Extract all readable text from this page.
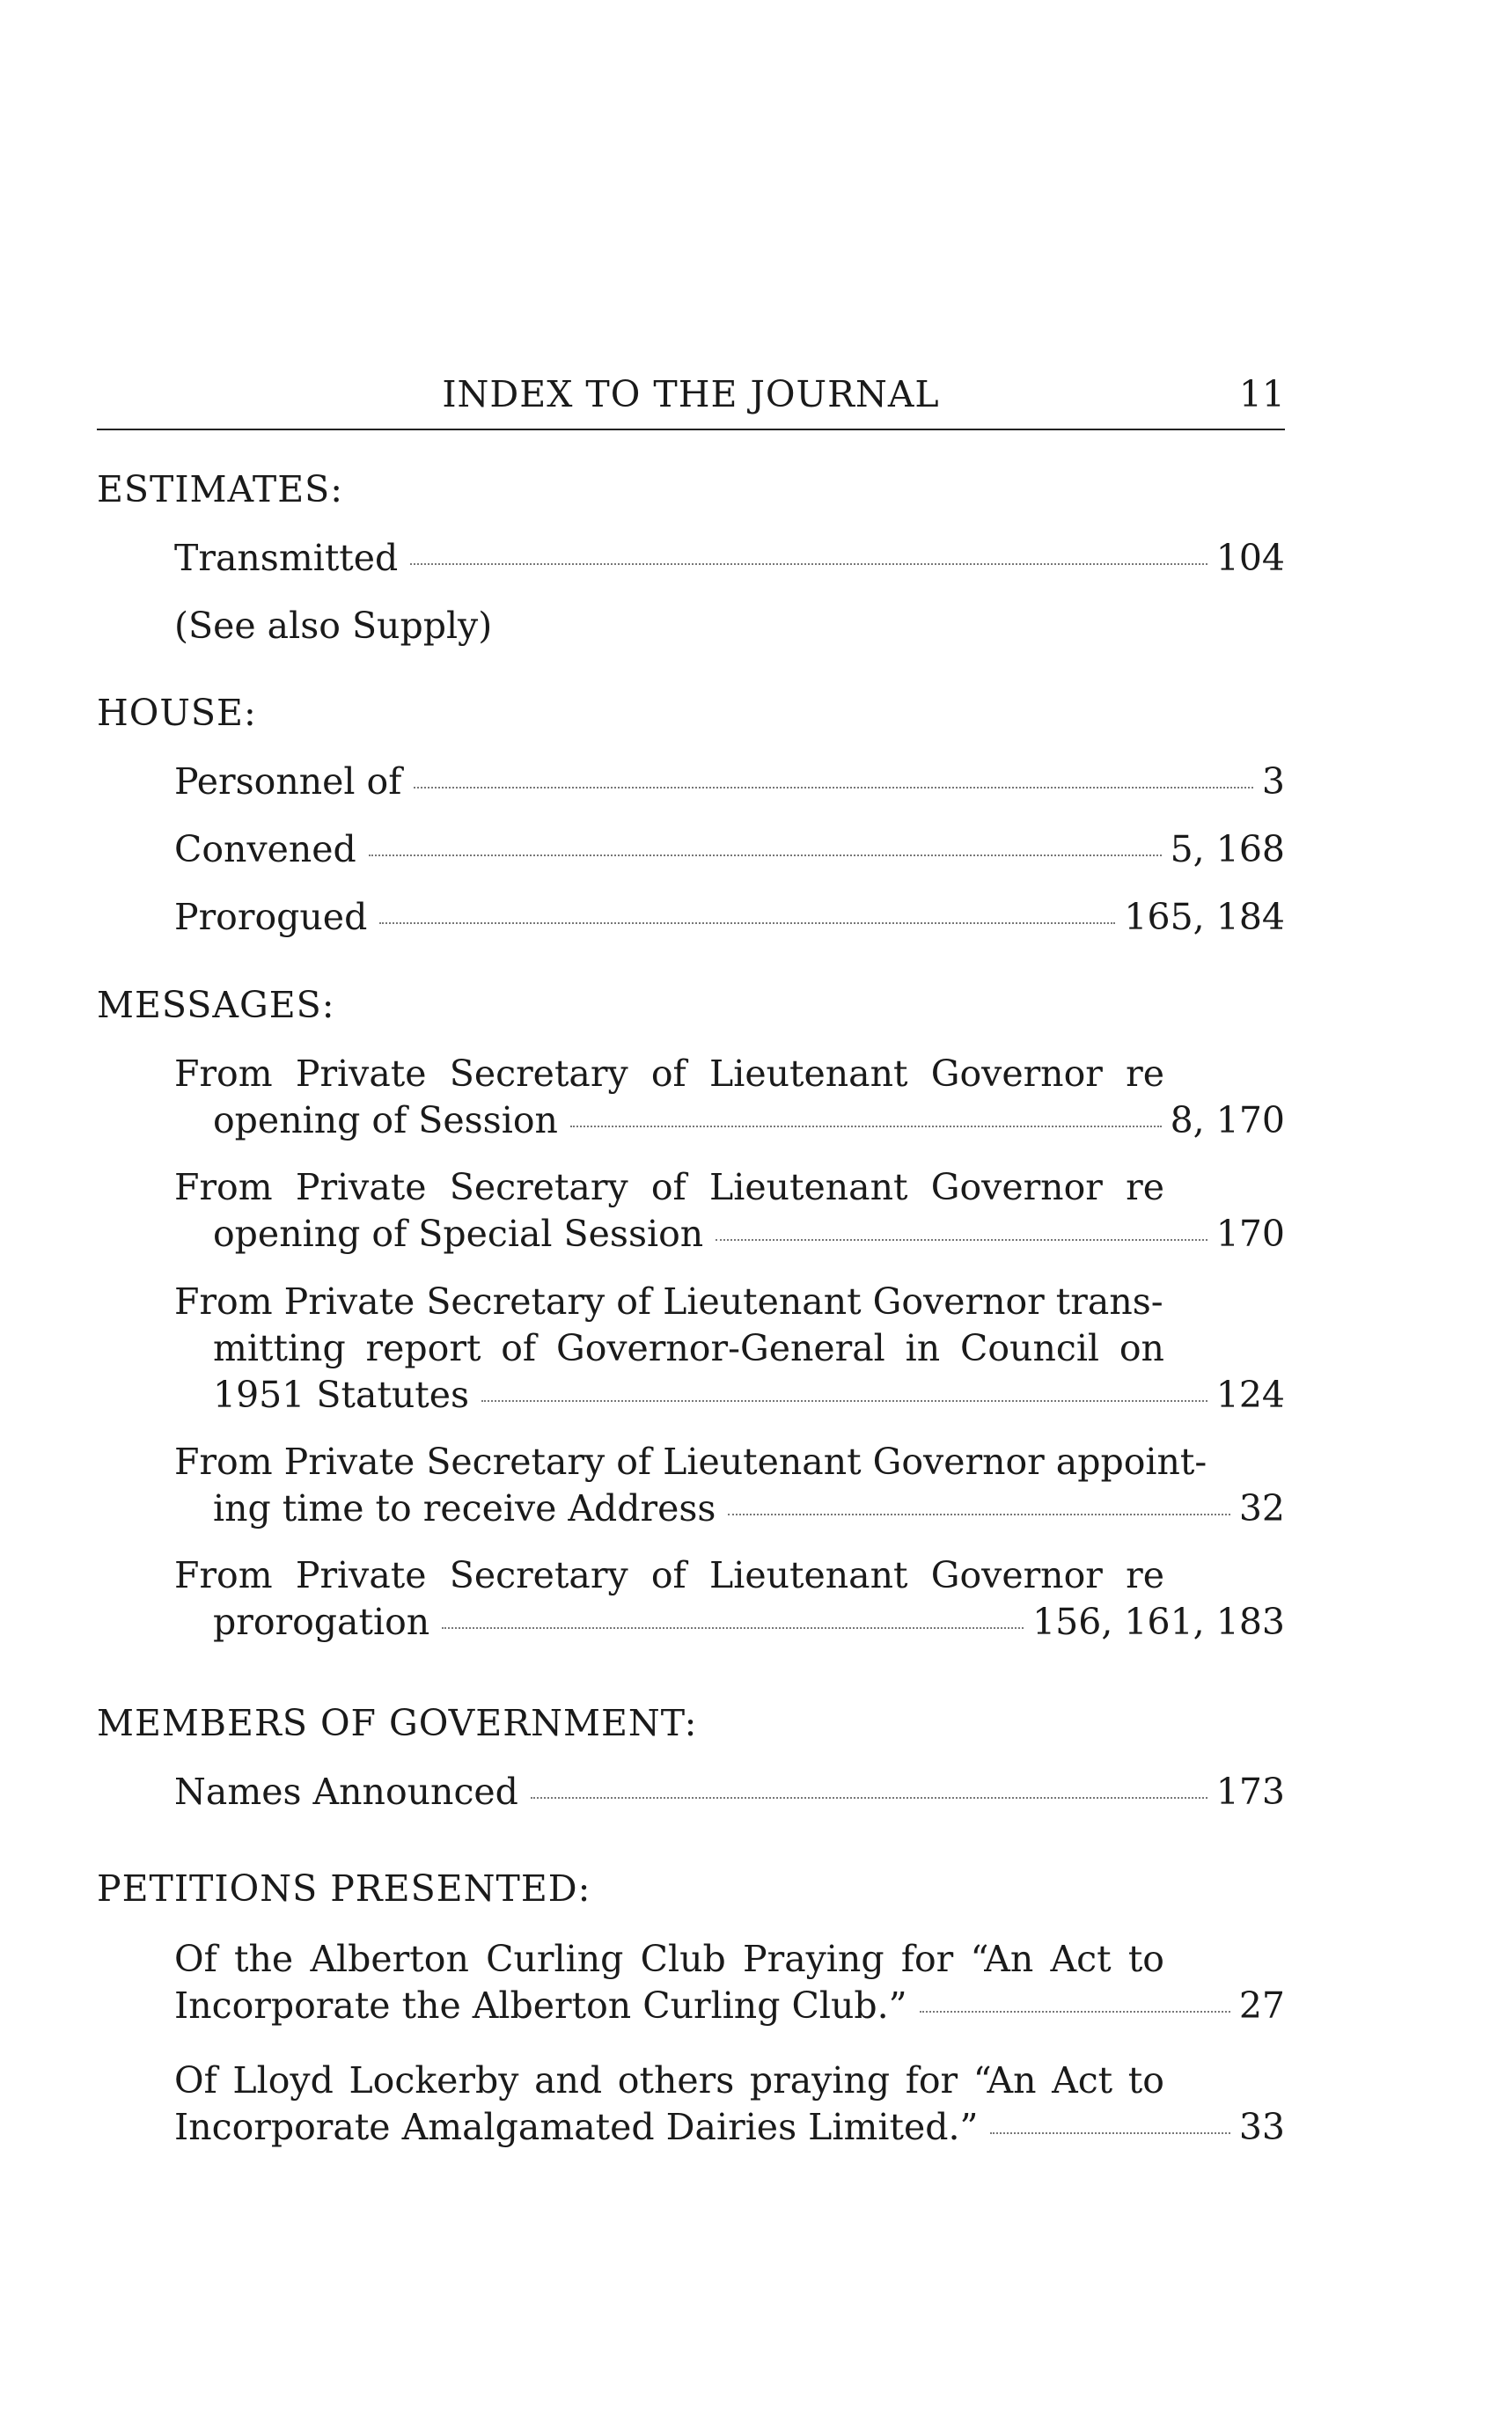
INDEX TO THE JOURNAL	11
ESTIMATES:
Transmitted	104
(See also Supply)
HOUSE:
Personnel of	3
Convened	5, 168
Prorogued	165, 184
MESSAGES:
From Private Secretary of Lieutenant Governor re
opening of Session	8, 170
From Private Secretary of Lieutenant Governor re
opening of Special Session	170
From Private Secretary of Lieutenant Governor trans-
mitting report of Governor-General in Council on
1951 Statutes	124
From Private Secretary of Lieutenant Governor appoint-
ing time to receive Address	32
From Private Secretary of Lieutenant Governor re
prorogation	156, 161, 183
MEMBERS OF GOVERNMENT:
Names Announced	173
PETITIONS PRESENTED:
Of the Alberton Curling Club Praying for “An Act to
Incorporate the Alberton Curling Club.”	27
Of Lloyd Lockerby and others praying for “An Act to
Incorporate Amalgamated Dairies Limited.”	33
